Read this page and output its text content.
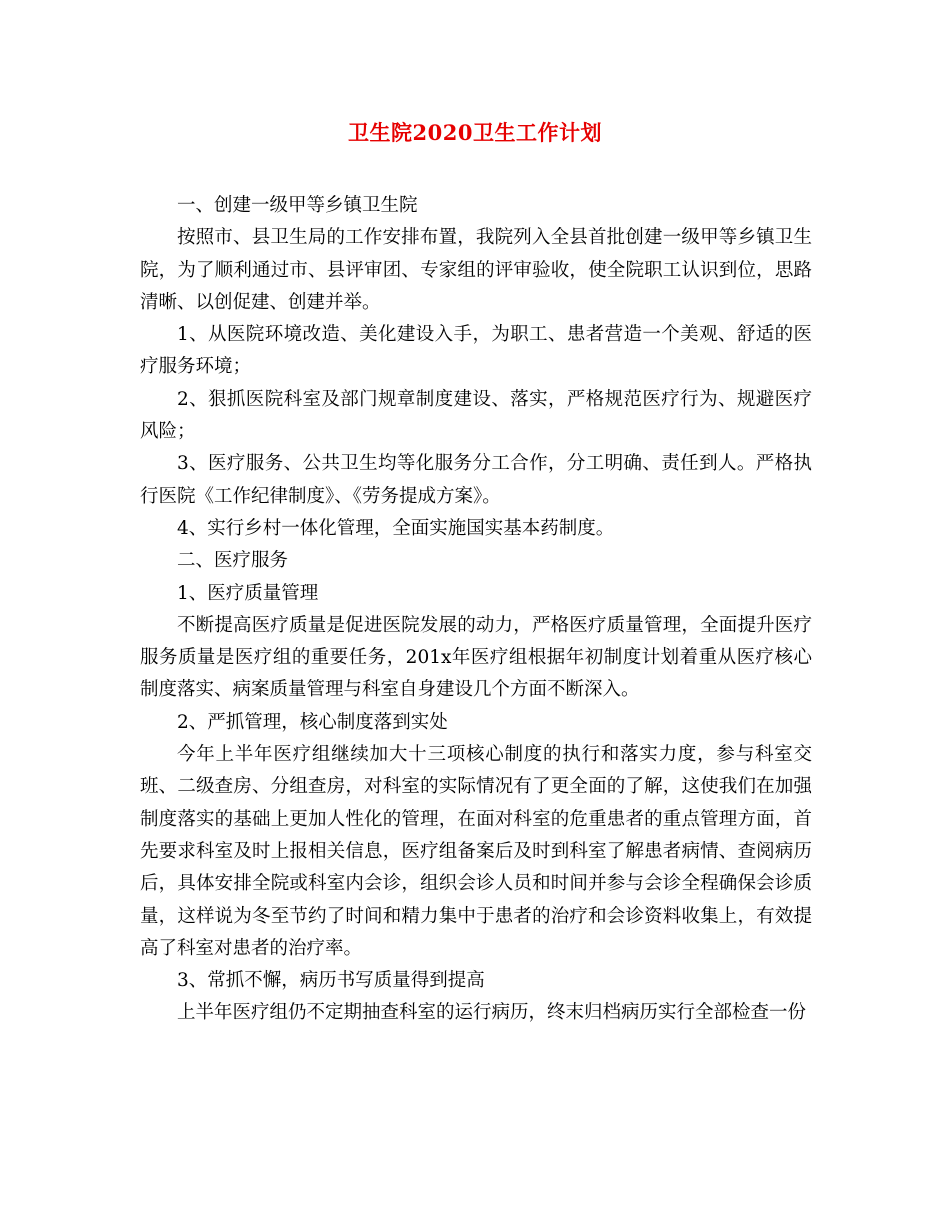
卫生院2020卫生工作计划

一、创建一级甲等乡镇卫生院

按照市、县卫生局的工作安排布置，我院列入全县首批创建一级甲等乡镇卫生院，为了顺利通过市、县评审团、专家组的评审验收，使全院职工认识到位，思路清晰、以创促建、创建并举。

1、从医院环境改造、美化建设入手，为职工、患者营造一个美观、舒适的医疗服务环境；

2、狠抓医院科室及部门规章制度建设、落实，严格规范医疗行为、规避医疗风险；

3、医疗服务、公共卫生均等化服务分工合作，分工明确、责任到人。严格执行医院《工作纪律制度》、《劳务提成方案》。

4、实行乡村一体化管理，全面实施国实基本药制度。

二、医疗服务

1、医疗质量管理

不断提高医疗质量是促进医院发展的动力，严格医疗质量管理，全面提升医疗服务质量是医疗组的重要任务，201x年医疗组根据年初制度计划着重从医疗核心制度落实、病案质量管理与科室自身建设几个方面不断深入。

2、严抓管理，核心制度落到实处

今年上半年医疗组继续加大十三项核心制度的执行和落实力度，参与科室交班、二级查房、分组查房，对科室的实际情况有了更全面的了解，这使我们在加强制度落实的基础上更加人性化的管理，在面对科室的危重患者的重点管理方面，首先要求科室及时上报相关信息，医疗组备案后及时到科室了解患者病情、查阅病历后，具体安排全院或科室内会诊，组织会诊人员和时间并参与会诊全程确保会诊质量，这样说为冬至节约了时间和精力集中于患者的治疗和会诊资料收集上，有效提高了科室对患者的治疗率。

3、常抓不懈，病历书写质量得到提高

上半年医疗组仍不定期抽查科室的运行病历，终末归档病历实行全部检查一份
